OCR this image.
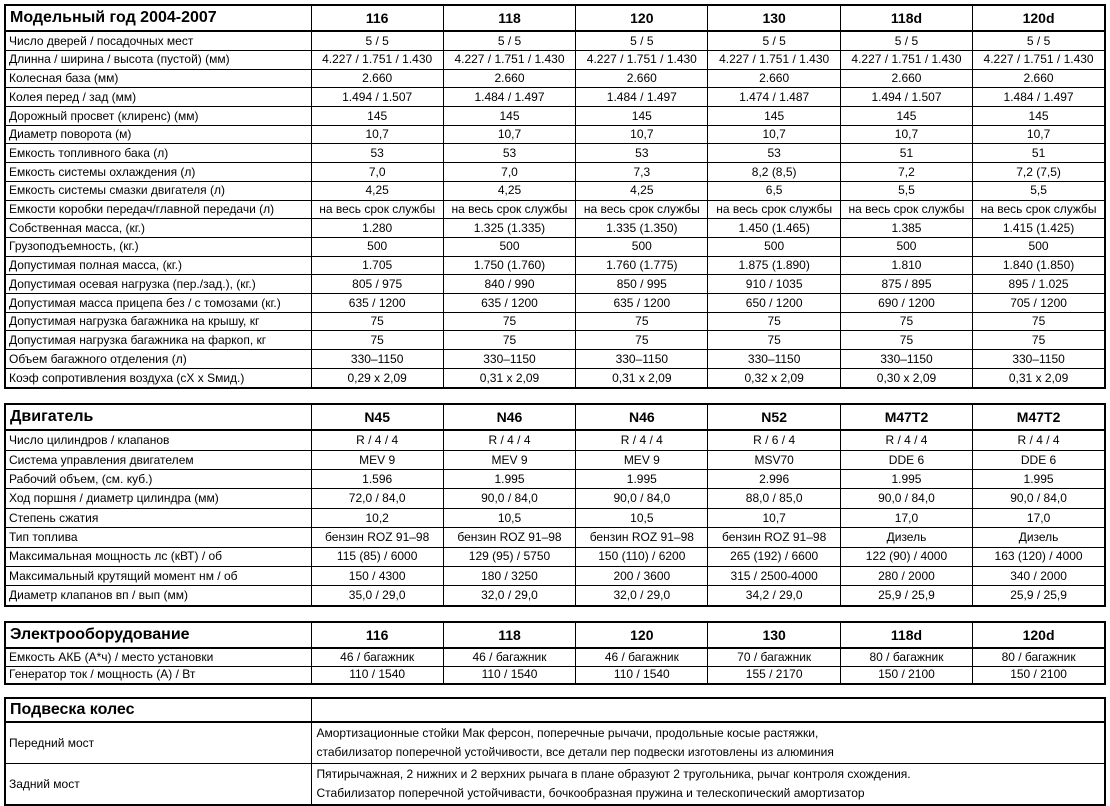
Модельный год 2004-2007	116	118	120	130	118d	120d
Число дверей / посадочных мест	5 / 5	5 / 5	5 / 5	5 / 5	5 / 5	5 / 5
Длинна / ширина / высота (пустой) (мм)	4.227 / 1.751 / 1.430	4.227 / 1.751 / 1.430	4.227 / 1.751 / 1.430	4.227 / 1.751 / 1.430	4.227 / 1.751 / 1.430	4.227 / 1.751 / 1.430
Колесная база (мм)	2.660	2.660	2.660	2.660	2.660	2.660
Колея перед / зад (мм)	1.494 / 1.507	1.484 / 1.497	1.484 / 1.497	1.474 / 1.487	1.494 / 1.507	1.484 / 1.497
Дорожный просвет (клиренс) (мм)	145	145	145	145	145	145
Диаметр поворота (м)	10,7	10,7	10,7	10,7	10,7	10,7
Емкость топливного бака (л)	53	53	53	53	51	51
Емкость системы охлаждения (л)	7,0	7,0	7,3	8,2 (8,5)	7,2	7,2 (7,5)
Емкость системы смазки двигателя (л)	4,25	4,25	4,25	6,5	5,5	5,5
Емкости коробки передач/главной передачи (л)	на весь срок службы	на весь срок службы	на весь срок службы	на весь срок службы	на весь срок службы	на весь срок службы
Собственная масса, (кг.)	1.280	1.325 (1.335)	1.335 (1.350)	1.450 (1.465)	1.385	1.415 (1.425)
Грузоподъемность, (кг.)	500	500	500	500	500	500
Допустимая полная масса, (кг.)	1.705	1.750 (1.760)	1.760 (1.775)	1.875 (1.890)	1.810	1.840 (1.850)
Допустимая осевая нагрузка (пер./зад.), (кг.)	805 / 975	840 / 990	850 / 995	910 / 1035	875 / 895	895 / 1.025
Допустимая масса прицепа без / с томозами (кг.)	635 / 1200	635 / 1200	635 / 1200	650 / 1200	690 / 1200	705 / 1200
Допустимая нагрузка багажника на крышу, кг	75	75	75	75	75	75
Допустимая нагрузка багажника на фаркоп, кг	75	75	75	75	75	75
Объем багажного отделения (л)	330–1150	330–1150	330–1150	330–1150	330–1150	330–1150
Коэф сопротивления воздуха (сХ х Sмид.)	0,29 х 2,09	0,31 х 2,09	0,31 х 2,09	0,32 х 2,09	0,30 х 2,09	0,31 х 2,09
Двигатель	N45	N46	N46	N52	M47T2	M47T2
Число цилиндров / клапанов	R / 4 / 4	R / 4 / 4	R / 4 / 4	R / 6 / 4	R / 4 / 4	R / 4 / 4
Система управления двигателем	MEV 9	MEV 9	MEV 9	MSV70	DDE 6	DDE 6
Рабочий объем, (см. куб.)	1.596	1.995	1.995	2.996	1.995	1.995
Ход поршня / диаметр цилиндра (мм)	72,0 / 84,0	90,0 / 84,0	90,0 / 84,0	88,0 / 85,0	90,0 / 84,0	90,0 / 84,0
Степень сжатия	10,2	10,5	10,5	10,7	17,0	17,0
Тип топлива	бензин ROZ 91–98	бензин ROZ 91–98	бензин ROZ 91–98	бензин ROZ 91–98	Дизель	Дизель
Максимальная мощность лс (кВТ) / об	115 (85) / 6000	129 (95) / 5750	150 (110) / 6200	265 (192) / 6600	122 (90) / 4000	163 (120) / 4000
Максимальный крутящий момент нм / об	150 / 4300	180 / 3250	200 / 3600	315 / 2500-4000	280 / 2000	340 / 2000
Диаметр клапанов вп / вып (мм)	35,0 / 29,0	32,0 / 29,0	32,0 / 29,0	34,2 / 29,0	25,9 / 25,9	25,9 / 25,9
Электрооборудование	116	118	120	130	118d	120d
Емкость АКБ (А*ч) / место установки	46 / багажник	46 / багажник	46 / багажник	70 / багажник	80 / багажник	80 / багажник
Генератор ток / мощность (А) / Вт	110 / 1540	110 / 1540	110 / 1540	155 / 2170	150 / 2100	150 / 2100
Подвеска колес	
Передний мост	Амортизационные стойки Мак ферсон, поперечные рычачи, продольные косые растяжки,
стабилизатор поперечной устойчивости, все детали пер подвески изготовлены из алюминия

Задний мост	Пятирычажная, 2 нижних и 2 верхних рычага в плане образуют 2 тругольника, рычаг контроля схождения.
Стабилизатор поперечной устойчивасти, бочкообразная пружина и телескопический амортизатор
